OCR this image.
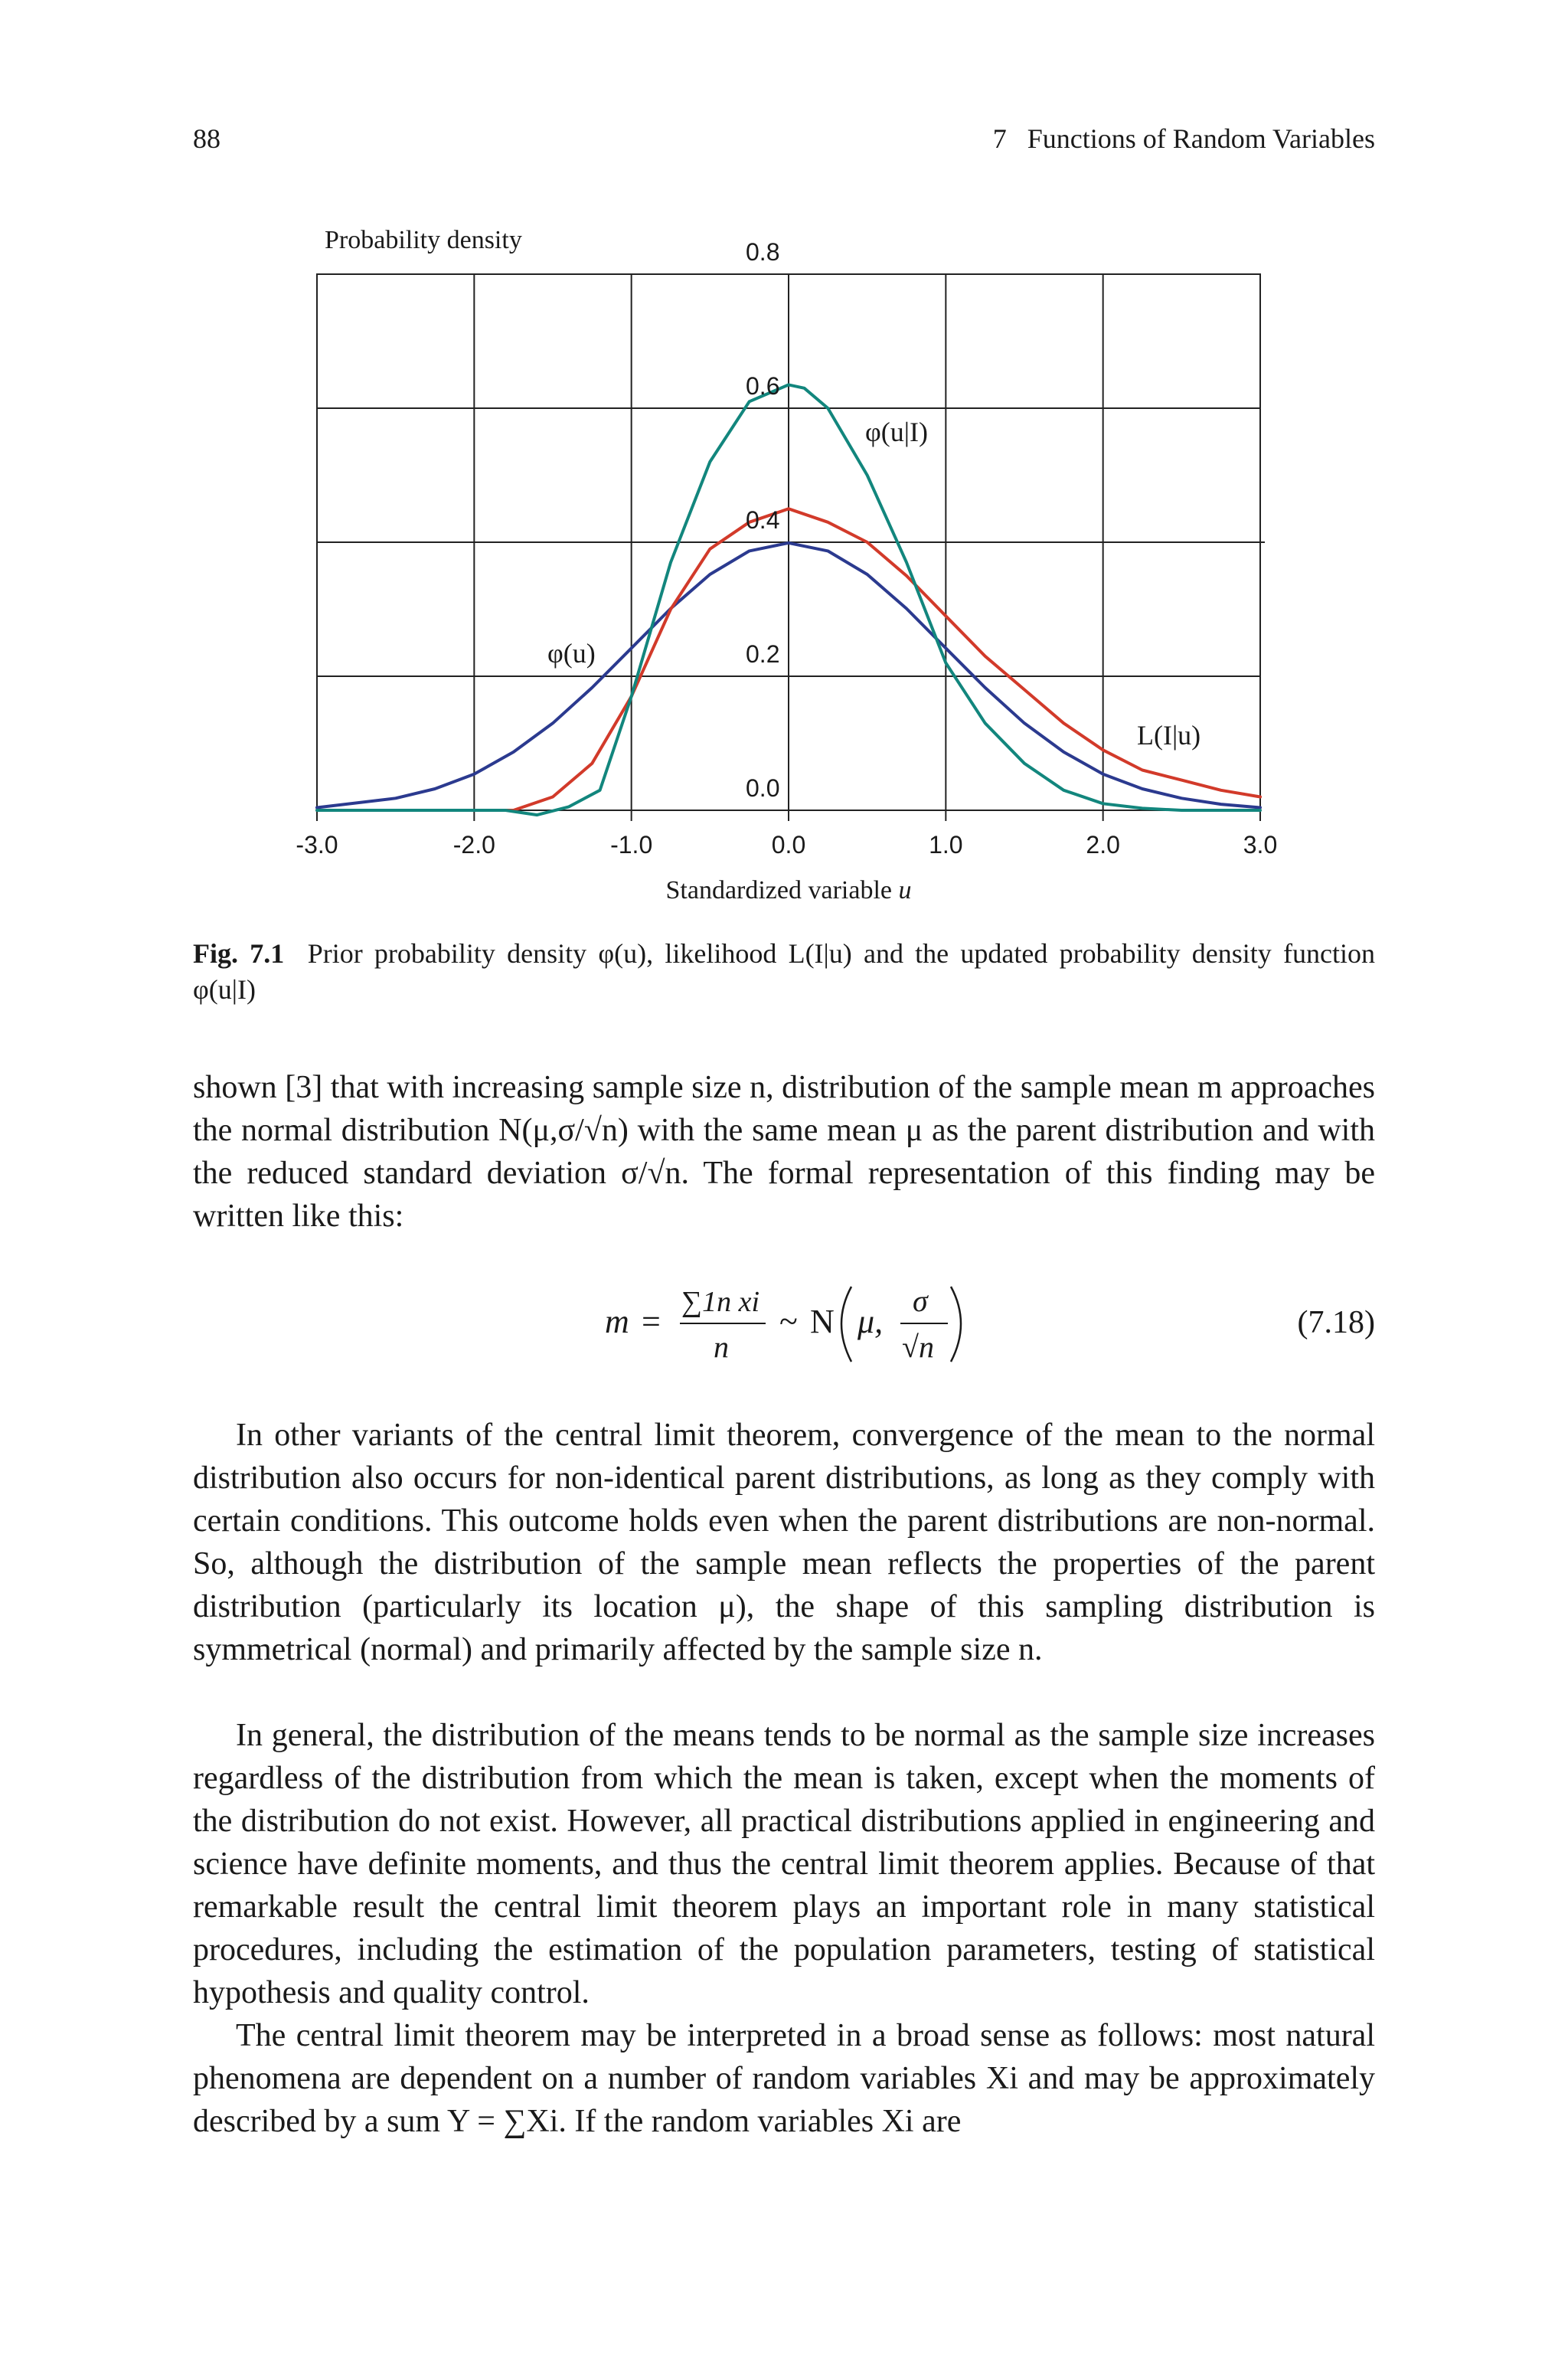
88	7   Functions of Random Variables
-3.0	-2.0	-1.0	0.0	1.0	2.0	3.0
0.0
0.2
0.4
0.6
0.8
Probability density
Standardized variable u
φ(u)
φ(u|I)
L(I|u)
Fig. 7.1 Prior probability density φ(u), likelihood L(I|u) and the updated probability density function φ(u|I)
shown [3] that with increasing sample size n, distribution of the sample mean m approaches the normal distribution N(μ,σ/√n) with the same mean μ as the parent distribution and with the reduced standard deviation σ/√n. The formal representation of this finding may be written like this:
m =
∑1n xi
n
~ N μ,
σ
√n
(7.18)
In other variants of the central limit theorem, convergence of the mean to the normal distribution also occurs for non-identical parent distributions, as long as they comply with certain conditions. This outcome holds even when the parent distributions are non-normal. So, although the distribution of the sample mean reflects the properties of the parent distribution (particularly its location μ), the shape of this sampling distribution is symmetrical (normal) and primarily affected by the sample size n.
In general, the distribution of the means tends to be normal as the sample size increases regardless of the distribution from which the mean is taken, except when the moments of the distribution do not exist. However, all practical distributions applied in engineering and science have definite moments, and thus the central limit theorem applies. Because of that remarkable result the central limit theorem plays an important role in many statistical procedures, including the estimation of the population parameters, testing of statistical hypothesis and quality control.
The central limit theorem may be interpreted in a broad sense as follows: most natural phenomena are dependent on a number of random variables Xi and may be approximately described by a sum Y = ∑Xi. If the random variables Xi are
